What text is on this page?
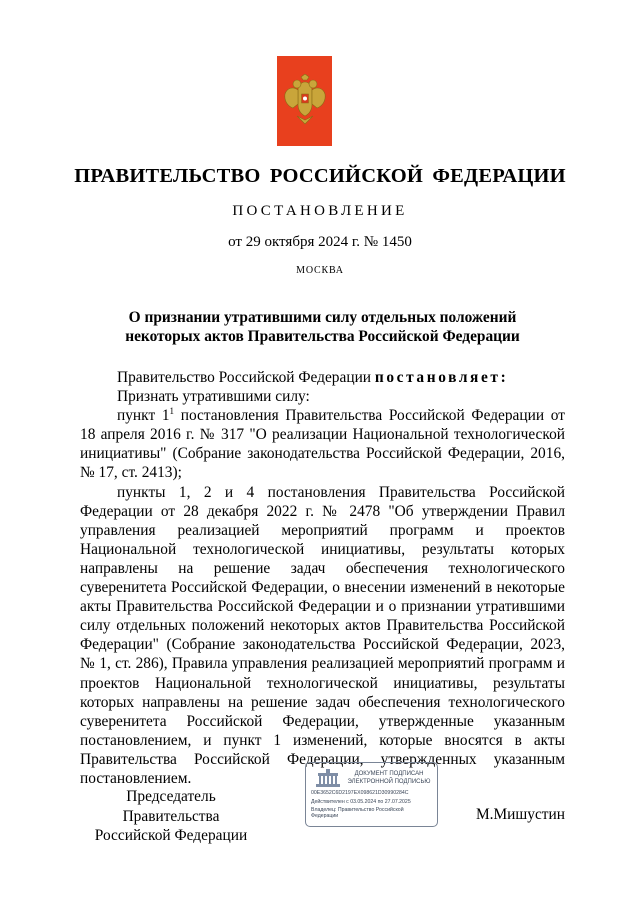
ПРАВИТЕЛЬСТВО РОССИЙСКОЙ ФЕДЕРАЦИИ
ПОСТАНОВЛЕНИЕ
от 29 октября 2024 г. № 1450
МОСКВА
О признании утратившими силу отдельных положений
некоторых актов Правительства Российской Федерации

Правительство Российской Федерации постановляет:

Признать утратившими силу:

пункт $1^1$ постановления Правительства Российской Федерации от 18 апреля 2016 г. № 317 "О реализации Национальной технологической инициативы" (Собрание законодательства Российской Федерации, 2016, № 17, ст. 2413);

пункты 1, 2 и 4 постановления Правительства Российской Федерации от 28 декабря 2022 г. № 2478 "Об утверждении Правил управления реализацией мероприятий программ и проектов Национальной технологической инициативы, результаты которых направлены на решение задач обеспечения технологического суверенитета Российской Федерации, о внесении изменений в некоторые акты Правительства Российской Федерации и о признании утратившими силу отдельных положений некоторых актов Правительства Российской Федерации" (Собрание законодательства Российской Федерации, 2023, № 1, ст. 286), Правила управления реализацией мероприятий программ и проектов Национальной технологической инициативы, результаты которых направлены на решение задач обеспечения технологического суверенитета Российской Федерации, утвержденные указанным постановлением, и пункт 1 изменений, которые вносятся в акты Правительства Российской Федерации, утвержденных указанным постановлением.

Председатель Правительства
Российской Федерации
ДОКУМЕНТ ПОДПИСАН
ЭЛЕКТРОННОЙ ПОДПИСЬЮ
00E3652C6D2197EX098621D30990284C
Действителен с 03.05.2024 по 27.07.2025
Владелец: Правительство Российской
Федерации	М.Мишустин
